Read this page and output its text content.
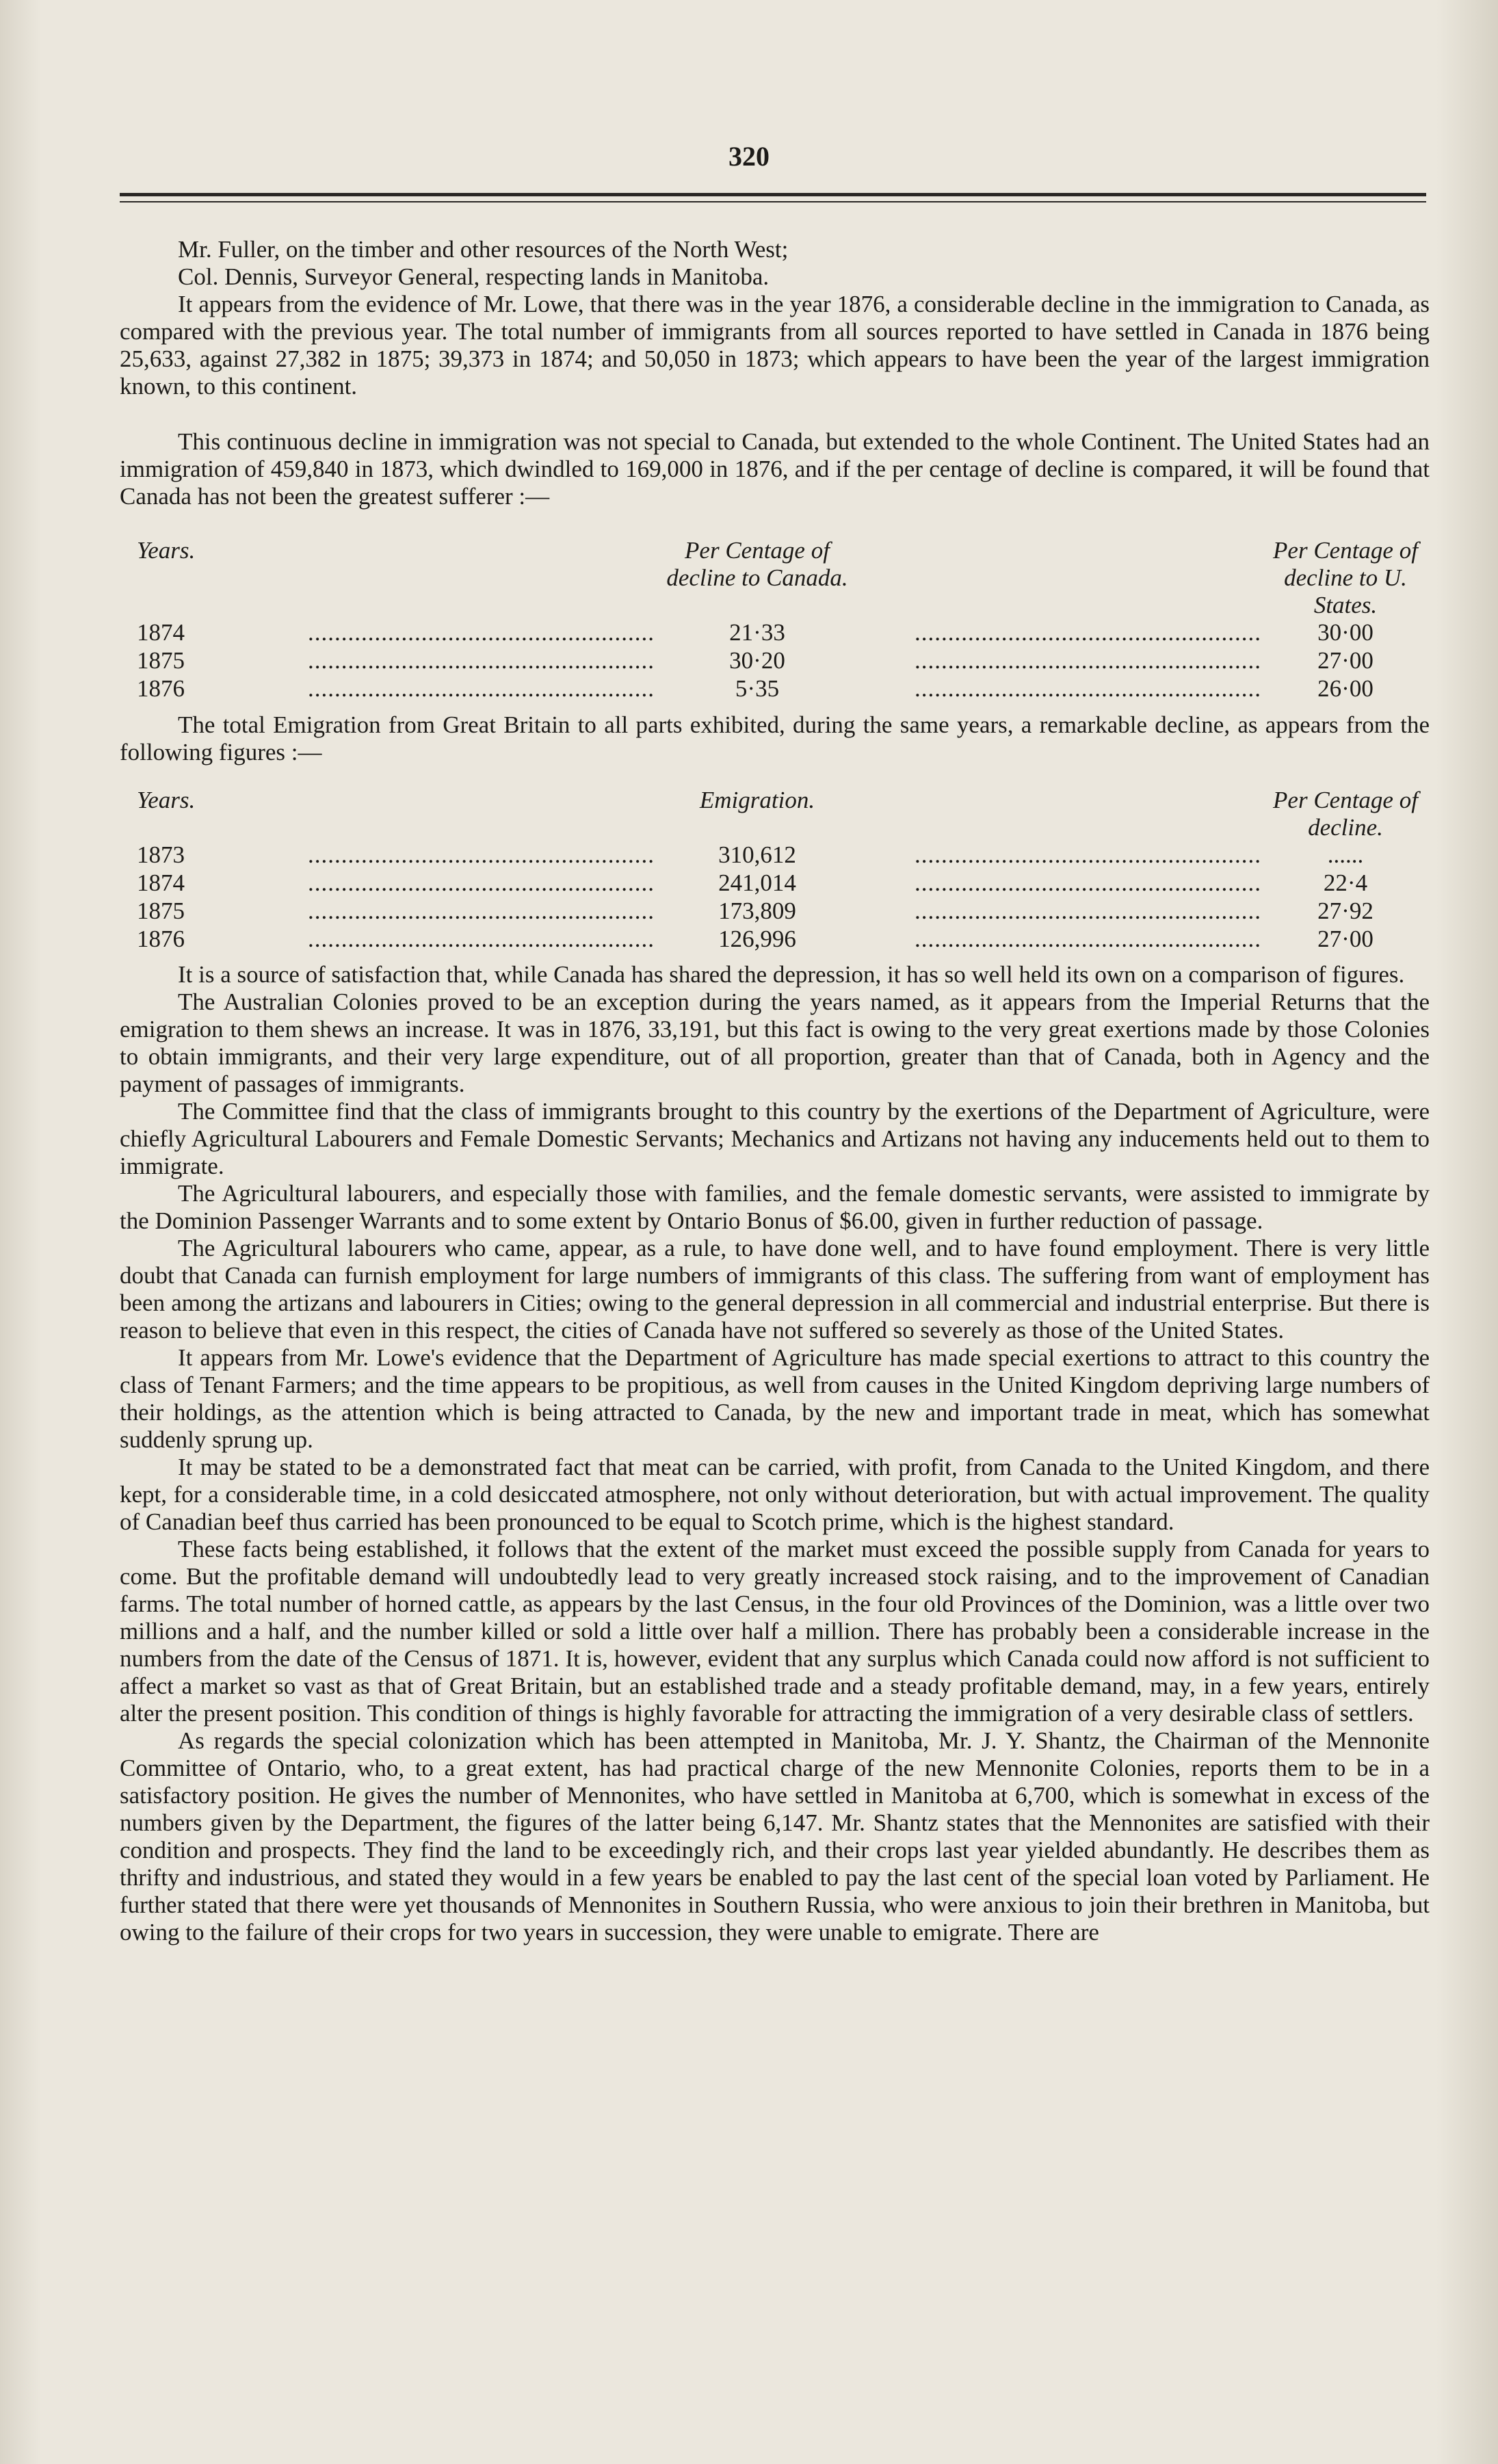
320

Mr. Fuller, on the timber and other resources of the North West;

Col. Dennis, Surveyor General, respecting lands in Manitoba.

It appears from the evidence of Mr. Lowe, that there was in the year 1876, a considerable decline in the immigration to Canada, as compared with the previous year. The total number of immigrants from all sources reported to have settled in Canada in 1876 being 25,633, against 27,382 in 1875; 39,373 in 1874; and 50,050 in 1873; which appears to have been the year of the largest immigration known, to this continent.

This continuous decline in immigration was not special to Canada, but extended to the whole Continent. The United States had an immigration of 459,840 in 1873, which dwindled to 169,000 in 1876, and if the per centage of decline is compared, it will be found that Canada has not been the greatest sufferer :—

Years.		Per Centage of decline to Canada.			Per Centage of decline to U. States.
1874	.....	21·33		.....	30·00
1875	.....	30·20		.....	27·00
1876	.....	5·35		.....	26·00

The total Emigration from Great Britain to all parts exhibited, during the same years, a remarkable decline, as appears from the following figures :—

Years.		Emigration.			Per Centage of decline.
1873	.....	310,612		.....	......
1874	.....	241,014		.....	22·4
1875	.....	173,809		.....	27·92
1876	.....	126,996		.....	27·00

It is a source of satisfaction that, while Canada has shared the depression, it has so well held its own on a comparison of figures.

The Australian Colonies proved to be an exception during the years named, as it appears from the Imperial Returns that the emigration to them shews an increase. It was in 1876, 33,191, but this fact is owing to the very great exertions made by those Colonies to obtain immigrants, and their very large expenditure, out of all proportion, greater than that of Canada, both in Agency and the payment of passages of immigrants.

The Committee find that the class of immigrants brought to this country by the exertions of the Department of Agriculture, were chiefly Agricultural Labourers and Female Domestic Servants; Mechanics and Artizans not having any inducements held out to them to immigrate.

The Agricultural labourers, and especially those with families, and the female domestic servants, were assisted to immigrate by the Dominion Passenger Warrants and to some extent by Ontario Bonus of $6.00, given in further reduction of passage.

The Agricultural labourers who came, appear, as a rule, to have done well, and to have found employment. There is very little doubt that Canada can furnish employment for large numbers of immigrants of this class. The suffering from want of employment has been among the artizans and labourers in Cities; owing to the general depression in all commercial and industrial enterprise. But there is reason to believe that even in this respect, the cities of Canada have not suffered so severely as those of the United States.

It appears from Mr. Lowe's evidence that the Department of Agriculture has made special exertions to attract to this country the class of Tenant Farmers; and the time appears to be propitious, as well from causes in the United Kingdom depriving large numbers of their holdings, as the attention which is being attracted to Canada, by the new and important trade in meat, which has somewhat suddenly sprung up.

It may be stated to be a demonstrated fact that meat can be carried, with profit, from Canada to the United Kingdom, and there kept, for a considerable time, in a cold desiccated atmosphere, not only without deterioration, but with actual improvement. The quality of Canadian beef thus carried has been pronounced to be equal to Scotch prime, which is the highest standard.

These facts being established, it follows that the extent of the market must exceed the possible supply from Canada for years to come. But the profitable demand will undoubtedly lead to very greatly increased stock raising, and to the improvement of Canadian farms. The total number of horned cattle, as appears by the last Census, in the four old Provinces of the Dominion, was a little over two millions and a half, and the number killed or sold a little over half a million. There has probably been a considerable increase in the numbers from the date of the Census of 1871. It is, however, evident that any surplus which Canada could now afford is not sufficient to affect a market so vast as that of Great Britain, but an established trade and a steady profitable demand, may, in a few years, entirely alter the present position. This condition of things is highly favorable for attracting the immigration of a very desirable class of settlers.

As regards the special colonization which has been attempted in Manitoba, Mr. J. Y. Shantz, the Chairman of the Mennonite Committee of Ontario, who, to a great extent, has had practical charge of the new Mennonite Colonies, reports them to be in a satisfactory position. He gives the number of Mennonites, who have settled in Manitoba at 6,700, which is somewhat in excess of the numbers given by the Department, the figures of the latter being 6,147. Mr. Shantz states that the Mennonites are satisfied with their condition and prospects. They find the land to be exceedingly rich, and their crops last year yielded abundantly. He describes them as thrifty and industrious, and stated they would in a few years be enabled to pay the last cent of the special loan voted by Parliament. He further stated that there were yet thousands of Mennonites in Southern Russia, who were anxious to join their brethren in Manitoba, but owing to the failure of their crops for two years in succession, they were unable to emigrate. There are
